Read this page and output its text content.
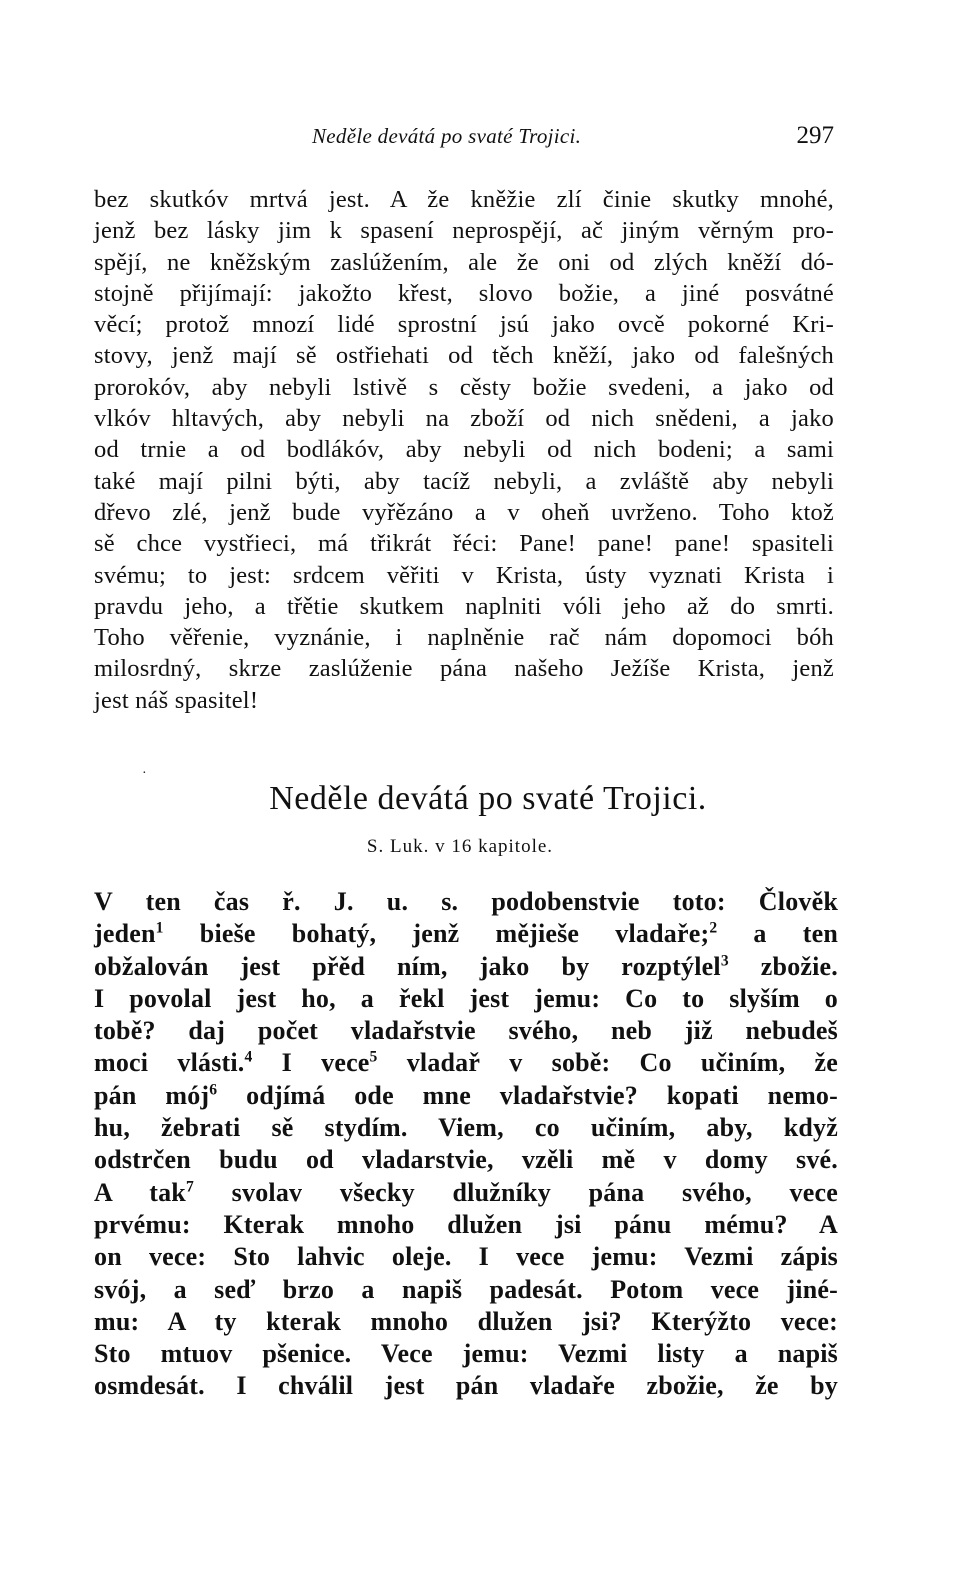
Neděle devátá po svaté Trojici.	297
bez skutkóv mrtvá jest. A že kněžie zlí činie skutky mnohé,
jenž bez lásky jim k spasení neprospějí, ač jiným věrným pro-
spějí, ne kněžským zaslúžením, ale že oni od zlých kněží dó-
stojně přijímají: jakožto křest, slovo božie, a jiné posvátné
věcí; protož mnozí lidé sprostní jsú jako ovcě pokorné Kri-
stovy, jenž mají sě ostřiehati od těch kněží, jako od falešných
prorokóv, aby nebyli lstivě s cěsty božie svedeni, a jako od
vlkóv hltavých, aby nebyli na zboží od nich snědeni, a jako
od trnie a od bodlákóv, aby nebyli od nich bodeni; a sami
také mají pilni býti, aby tacíž nebyli, a zvláště aby nebyli
dřevo zlé, jenž bude vyřězáno a v oheň uvrženo. Toho ktož
sě chce vystřieci, má třikrát řéci: Pane! pane! pane! spasiteli
svému; to jest: srdcem věřiti v Krista, ústy vyznati Krista i
pravdu jeho, a třětie skutkem naplniti vóli jeho až do smrti.
Toho věřenie, vyznánie, i naplněnie rač nám dopomoci bóh
milosrdný, skrze zaslúženie pána našeho Ježíše Krista, jenž
jest náš spasitel!
·
Neděle devátá po svaté Trojici.
S. Luk. v 16 kapitole.
V ten čas ř. J. u. s. podobenstvie toto: Člověk
jeden$^1$ bieše bohatý, jenž mějieše vladaře;$^2$ a ten
obžalován jest přěd ním, jako by rozptýlel$^3$ zbožie.
I povolal jest ho, a řekl jest jemu: Co to slyším o
tobě? daj počet vladařstvie svého, neb již nebudeš
moci vlásti.$^4$ I vece$^5$ vladař v sobě: Co učiním, že
pán mój$^6$ odjímá ode mne vladařstvie? kopati nemo-
hu, žebrati sě stydím. Viem, co učiním, aby, když
odstrčen budu od vladarstvie, vzěli mě v domy své.
A tak$^7$ svolav všecky dlužníky pána svého, vece
prvému: Kterak mnoho dlužen jsi pánu mému? A
on vece: Sto lahvic oleje. I vece jemu: Vezmi zápis
svój, a seď brzo a napiš padesát. Potom vece jiné-
mu: A ty kterak mnoho dlužen jsi? Kterýžto vece:
Sto mtuov pšenice. Vece jemu: Vezmi listy a napiš
osmdesát. I chválil jest pán vladaře zbožie, že by
